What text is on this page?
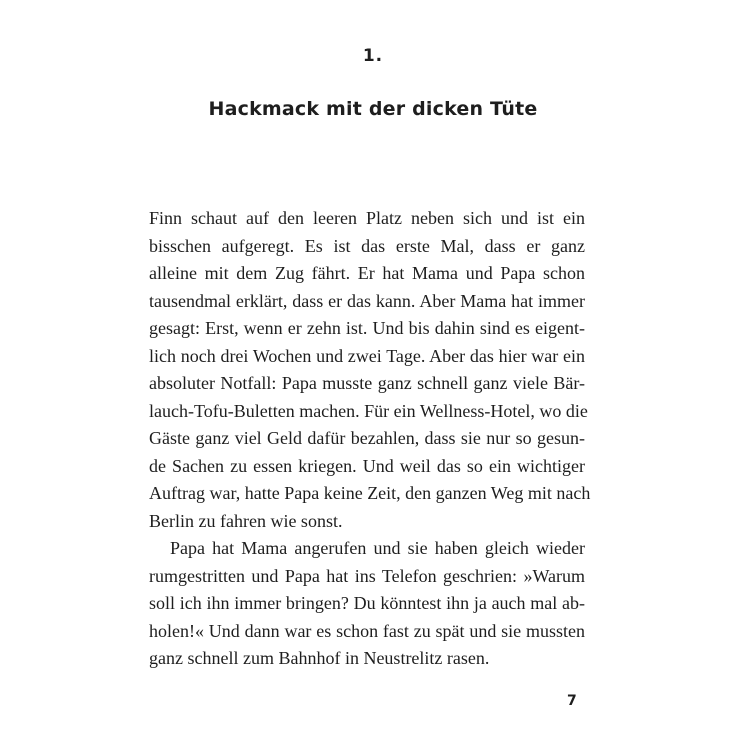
1.
Hackmack mit der dicken Tüte

Finn schaut auf den leeren Platz neben sich und ist ein
bisschen aufgeregt. Es ist das erste Mal, dass er ganz
alleine mit dem Zug fährt. Er hat Mama und Papa schon
tausendmal erklärt, dass er das kann. Aber Mama hat immer
gesagt: Erst, wenn er zehn ist. Und bis dahin sind es eigent-
lich noch drei Wochen und zwei Tage. Aber das hier war ein
absoluter Notfall: Papa musste ganz schnell ganz viele Bär-
lauch-Tofu-Buletten machen. Für ein Wellness-Hotel, wo die
Gäste ganz viel Geld dafür bezahlen, dass sie nur so gesun-
de Sachen zu essen kriegen. Und weil das so ein wichtiger
Auftrag war, hatte Papa keine Zeit, den ganzen Weg mit nach
Berlin zu fahren wie sonst.

Papa hat Mama angerufen und sie haben gleich wieder
rumgestritten und Papa hat ins Telefon geschrien: »Warum
soll ich ihn immer bringen? Du könntest ihn ja auch mal ab-
holen!« Und dann war es schon fast zu spät und sie mussten
ganz schnell zum Bahnhof in Neustrelitz rasen.

7
